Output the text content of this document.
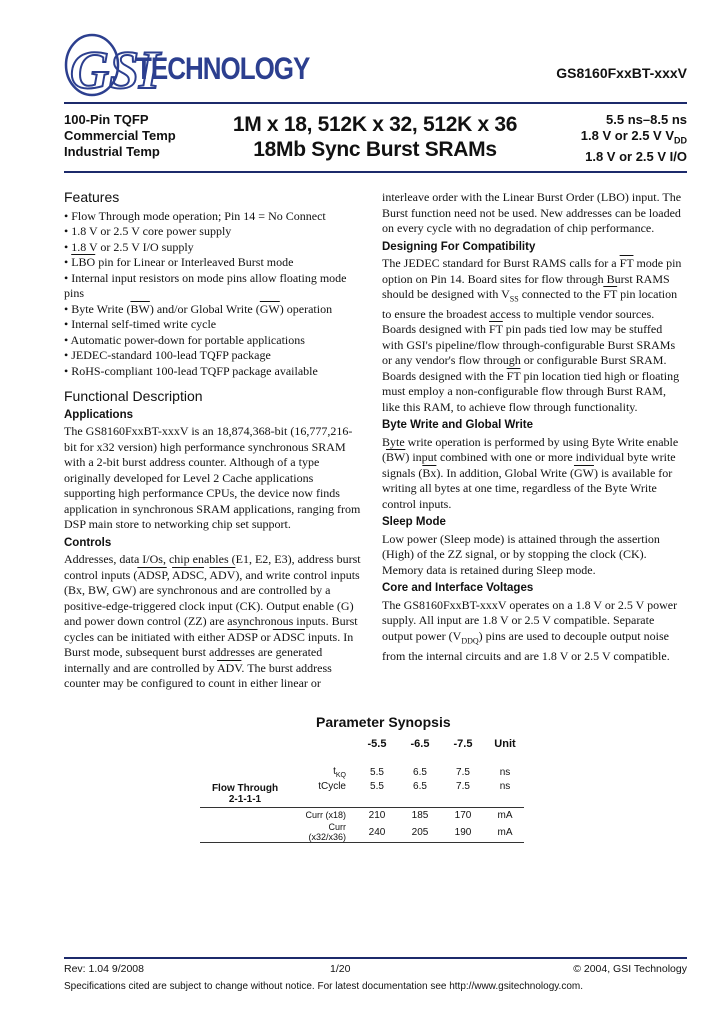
GSI
TECHNOLOGY	GS8160FxxBT-xxxV
100-Pin TQFP
Commercial Temp
Industrial Temp
1M x 18, 512K x 32, 512K x 36
18Mb Sync Burst SRAMs
5.5 ns–8.5 ns
1.8 V or 2.5 V $V_{DD}$
1.8 V or 2.5 V I/O
Features
• Flow Through mode operation; Pin 14 = No Connect
• 1.8 V or 2.5 V core power supply
• 1.8 V or 2.5 V I/O supply
• $\overline{LBO}$ pin for Linear or Interleaved Burst mode
• Internal input resistors on mode pins allow floating mode pins
• Byte Write $(\overline{BW})$ and/or Global Write $(\overline{GW})$ operation
• Internal self-timed write cycle
• Automatic power-down for portable applications
• JEDEC-standard 100-lead TQFP package
• RoHS-compliant 100-lead TQFP package available
Functional Description
Applications

The GS8160FxxBT-xxxV is an 18,874,368-bit (16,777,216-bit for x32 version) high performance synchronous SRAM with a 2-bit burst address counter. Although of a type originally developed for Level 2 Cache applications supporting high performance CPUs, the device now finds application in synchronous SRAM applications, ranging from DSP main store to networking chip set support.

Controls

Addresses, data I/Os, chip enables (E1, E2, E3), address burst control inputs (ADSP, ADSC, $\overline{ADV}$), and write control inputs (Bx, BW, GW) are synchronous and are controlled by a positive-edge-triggered clock input (CK). Output enable (G) and power down control (ZZ) are asynchronous inputs. Burst cycles can be initiated with either ADSP or ADSC inputs. In Burst mode, subsequent burst addresses are generated internally and are controlled by $\overline{ADV}$. The burst address counter may be configured to count in either linear or

interleave order with the Linear Burst Order (LBO) input. The Burst function need not be used. New addresses can be loaded on every cycle with no degradation of chip performance.

Designing For Compatibility

The JEDEC standard for Burst RAMS calls for a $\overline{FT}$ mode pin option on Pin 14. Board sites for flow through Burst RAMS should be designed with $V_{SS}$ connected to the $\overline{FT}$ pin location to ensure the broadest access to multiple vendor sources. Boards designed with $\overline{FT}$ pin pads tied low may be stuffed with GSI's pipeline/flow through-configurable Burst SRAMs or any vendor's flow through or configurable Burst SRAM. Boards designed with the $\overline{FT}$ pin location tied high or floating must employ a non-configurable flow through Burst RAM, like this RAM, to achieve flow through functionality.

Byte Write and Global Write

Byte write operation is performed by using Byte Write enable $(\overline{BW})$ input combined with one or more individual byte write signals $(\overline{Bx})$. In addition, Global Write $(\overline{GW})$ is available for writing all bytes at one time, regardless of the Byte Write control inputs.

Sleep Mode

Low power (Sleep mode) is attained through the assertion (High) of the ZZ signal, or by stopping the clock (CK). Memory data is retained during Sleep mode.

Core and Interface Voltages

The GS8160FxxBT-xxxV operates on a 1.8 V or 2.5 V power supply. All input are 1.8 V or 2.5 V compatible. Separate output power $(V_{DDQ})$ pins are used to decouple output noise from the internal circuits and are 1.8 V or 2.5 V compatible.

Parameter Synopsis
		-5.5	-6.5	-7.5	Unit

	$t_{KQ}$	5.5	6.5	7.5	ns

Flow Through
2-1-1-1	tCycle	5.5	6.5	7.5	ns

	Curr (x18)	210	185	170	mA
	Curr (x32/x36)	240	205	190	mA
Rev: 1.04 9/2008	1/20	© 2004, GSI Technology
Specifications cited are subject to change without notice. For latest documentation see http://www.gsitechnology.com.
